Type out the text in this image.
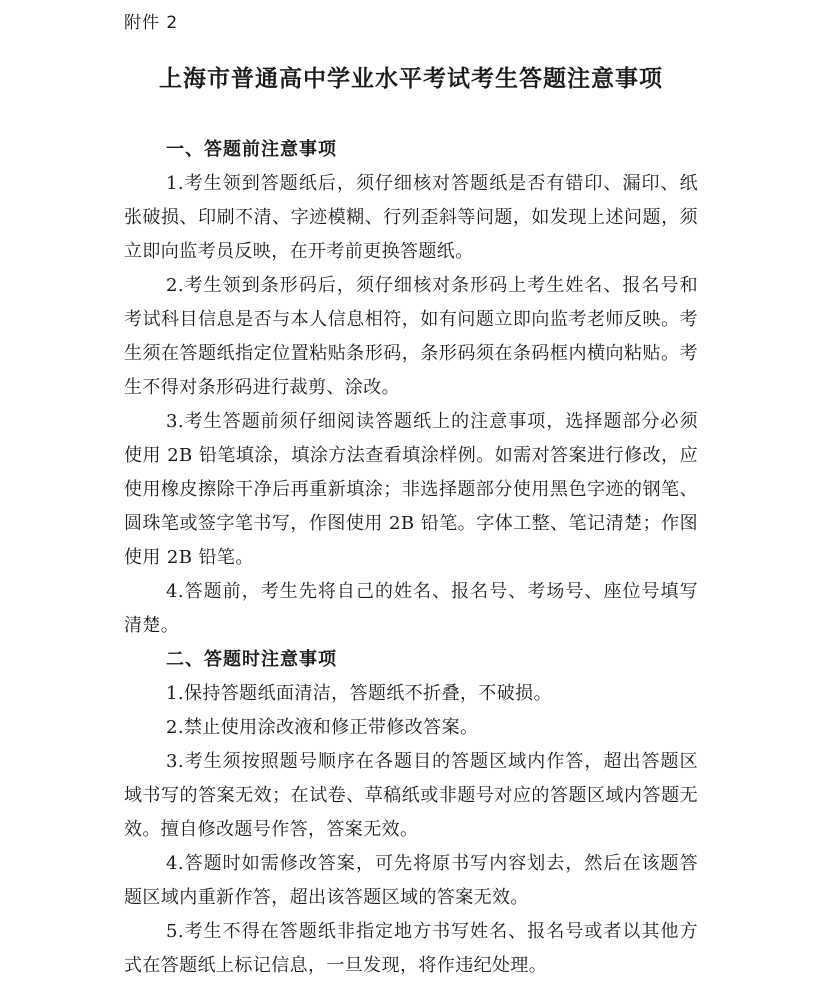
附件 2
上海市普通高中学业水平考试考生答题注意事项

一、答题前注意事项

1.考生领到答题纸后，须仔细核对答题纸是否有错印、漏印、纸张破损、印刷不清、字迹模糊、行列歪斜等问题，如发现上述问题，须立即向监考员反映，在开考前更换答题纸。

2.考生领到条形码后，须仔细核对条形码上考生姓名、报名号和考试科目信息是否与本人信息相符，如有问题立即向监考老师反映。考生须在答题纸指定位置粘贴条形码，条形码须在条码框内横向粘贴。考生不得对条形码进行裁剪、涂改。

3.考生答题前须仔细阅读答题纸上的注意事项，选择题部分必须使用 2B 铅笔填涂，填涂方法查看填涂样例。如需对答案进行修改，应使用橡皮擦除干净后再重新填涂；非选择题部分使用黑色字迹的钢笔、圆珠笔或签字笔书写，作图使用 2B 铅笔。字体工整、笔记清楚；作图使用 2B 铅笔。

4.答题前，考生先将自己的姓名、报名号、考场号、座位号填写清楚。

二、答题时注意事项

1.保持答题纸面清洁，答题纸不折叠，不破损。

2.禁止使用涂改液和修正带修改答案。

3.考生须按照题号顺序在各题目的答题区域内作答，超出答题区域书写的答案无效；在试卷、草稿纸或非题号对应的答题区域内答题无效。擅自修改题号作答，答案无效。

4.答题时如需修改答案，可先将原书写内容划去，然后在该题答题区域内重新作答，超出该答题区域的答案无效。

5.考生不得在答题纸非指定地方书写姓名、报名号或者以其他方式在答题纸上标记信息，一旦发现，将作违纪处理。
